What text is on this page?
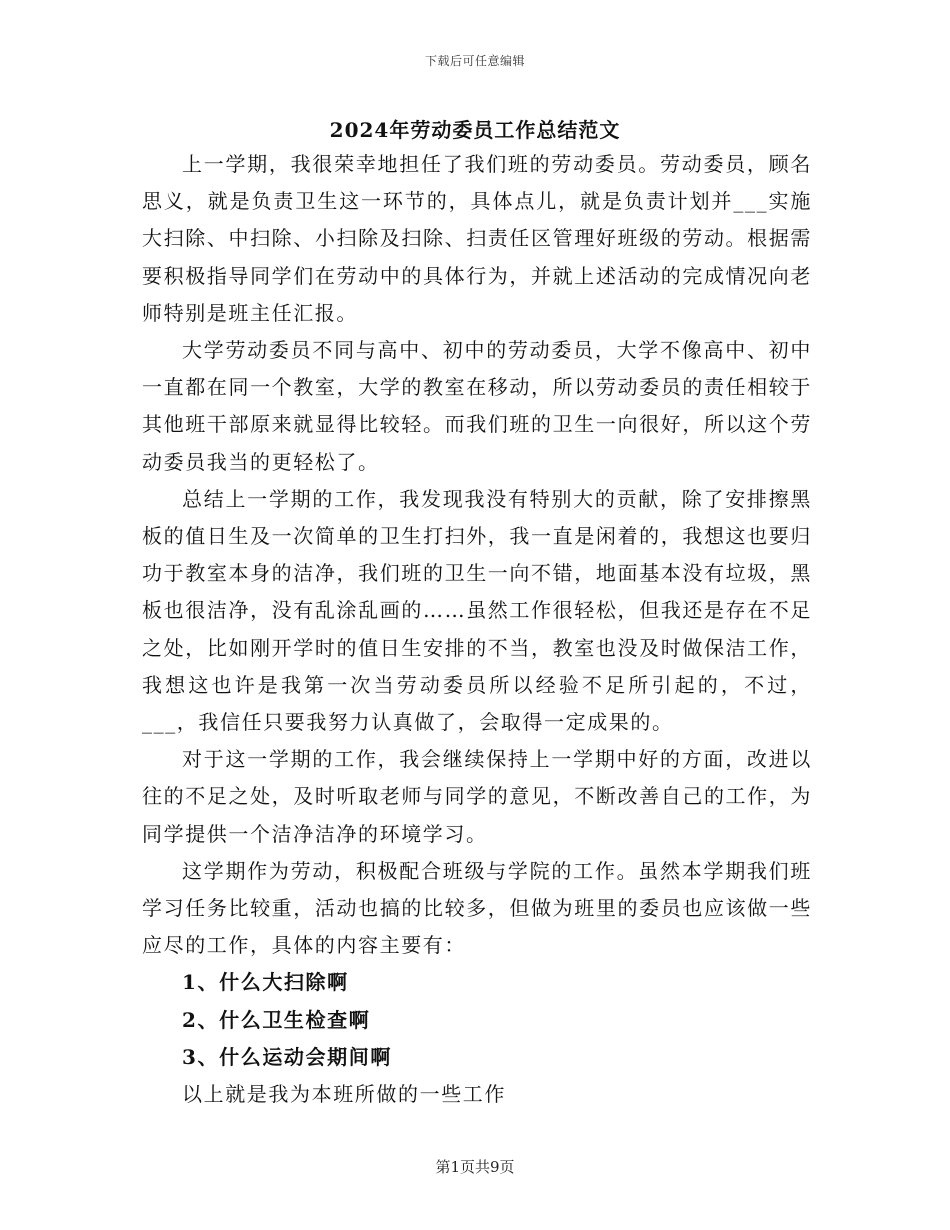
下载后可任意编辑
2024年劳动委员工作总结范文

上一学期，我很荣幸地担任了我们班的劳动委员。劳动委员，顾名思义，就是负责卫生这一环节的，具体点儿，就是负责计划并___实施大扫除、中扫除、小扫除及扫除、扫责任区管理好班级的劳动。根据需要积极指导同学们在劳动中的具体行为，并就上述活动的完成情况向老师特别是班主任汇报。

大学劳动委员不同与高中、初中的劳动委员，大学不像高中、初中一直都在同一个教室，大学的教室在移动，所以劳动委员的责任相较于其他班干部原来就显得比较轻。而我们班的卫生一向很好，所以这个劳动委员我当的更轻松了。

总结上一学期的工作，我发现我没有特别大的贡献，除了安排擦黑板的值日生及一次简单的卫生打扫外，我一直是闲着的，我想这也要归功于教室本身的洁净，我们班的卫生一向不错，地面基本没有垃圾，黑板也很洁净，没有乱涂乱画的……虽然工作很轻松，但我还是存在不足之处，比如刚开学时的值日生安排的不当，教室也没及时做保洁工作，我想这也许是我第一次当劳动委员所以经验不足所引起的，不过，___，我信任只要我努力认真做了，会取得一定成果的。

对于这一学期的工作，我会继续保持上一学期中好的方面，改进以往的不足之处，及时听取老师与同学的意见，不断改善自己的工作，为同学提供一个洁净洁净的环境学习。

这学期作为劳动，积极配合班级与学院的工作。虽然本学期我们班学习任务比较重，活动也搞的比较多，但做为班里的委员也应该做一些应尽的工作，具体的内容主要有：

1、什么大扫除啊

2、什么卫生检查啊

3、什么运动会期间啊

以上就是我为本班所做的一些工作

第1页共9页
